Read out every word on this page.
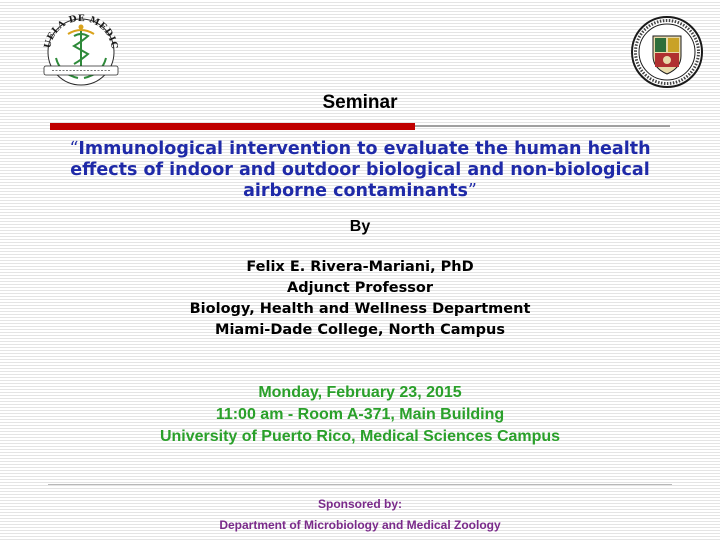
UELA DE MEDIC
Seminar
“Immunological intervention to evaluate the human health
effects of indoor and outdoor biological and non-biological
airborne contaminants”
By
Felix E. Rivera-Mariani, PhD
Adjunct Professor
Biology, Health and Wellness Department
Miami-Dade College, North Campus
Monday, February 23, 2015
11:00 am - Room A-371, Main Building
University of Puerto Rico, Medical Sciences Campus
Sponsored by:
Department of Microbiology and Medical Zoology
